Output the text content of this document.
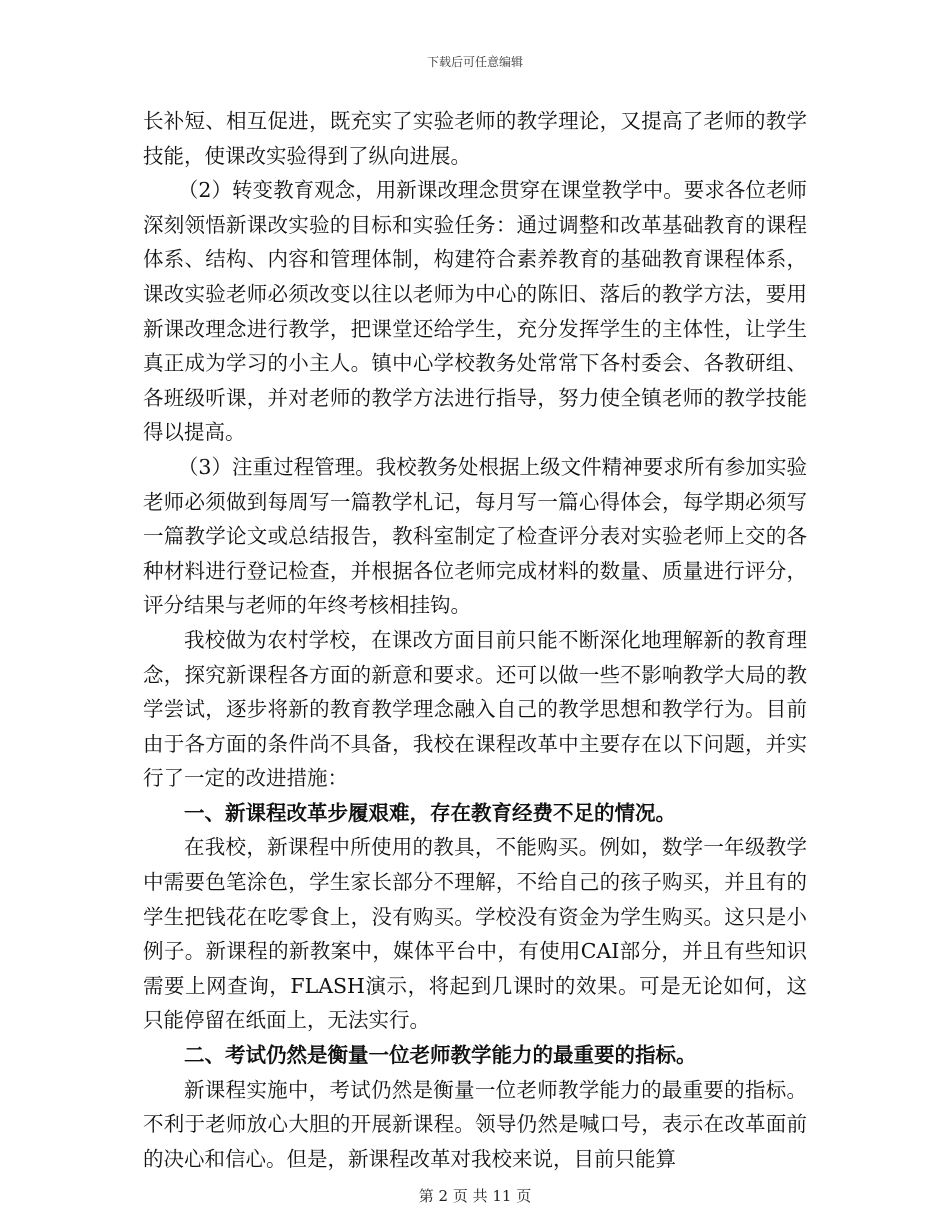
下载后可任意编辑

长补短、相互促进，既充实了实验老师的教学理论，又提高了老师的教学技能，使课改实验得到了纵向进展。

（2）转变教育观念，用新课改理念贯穿在课堂教学中。要求各位老师深刻领悟新课改实验的目标和实验任务：通过调整和改革基础教育的课程体系、结构、内容和管理体制，构建符合素养教育的基础教育课程体系，课改实验老师必须改变以往以老师为中心的陈旧、落后的教学方法，要用新课改理念进行教学，把课堂还给学生，充分发挥学生的主体性，让学生真正成为学习的小主人。镇中心学校教务处常常下各村委会、各教研组、各班级听课，并对老师的教学方法进行指导，努力使全镇老师的教学技能得以提高。

（3）注重过程管理。我校教务处根据上级文件精神要求所有参加实验老师必须做到每周写一篇教学札记，每月写一篇心得体会，每学期必须写一篇教学论文或总结报告，教科室制定了检查评分表对实验老师上交的各种材料进行登记检查，并根据各位老师完成材料的数量、质量进行评分，评分结果与老师的年终考核相挂钩。

我校做为农村学校，在课改方面目前只能不断深化地理解新的教育理念，探究新课程各方面的新意和要求。还可以做一些不影响教学大局的教学尝试，逐步将新的教育教学理念融入自己的教学思想和教学行为。目前由于各方面的条件尚不具备，我校在课程改革中主要存在以下问题，并实行了一定的改进措施：

一、新课程改革步履艰难，存在教育经费不足的情况。

在我校，新课程中所使用的教具，不能购买。例如，数学一年级教学中需要色笔涂色，学生家长部分不理解，不给自己的孩子购买，并且有的学生把钱花在吃零食上，没有购买。学校没有资金为学生购买。这只是小例子。新课程的新教案中，媒体平台中，有使用CAI部分，并且有些知识需要上网查询，FLASH演示，将起到几课时的效果。可是无论如何，这只能停留在纸面上，无法实行。

二、考试仍然是衡量一位老师教学能力的最重要的指标。

新课程实施中，考试仍然是衡量一位老师教学能力的最重要的指标。不利于老师放心大胆的开展新课程。领导仍然是喊口号，表示在改革面前的决心和信心。但是，新课程改革对我校来说，目前只能算

第 2 页 共 11 页
